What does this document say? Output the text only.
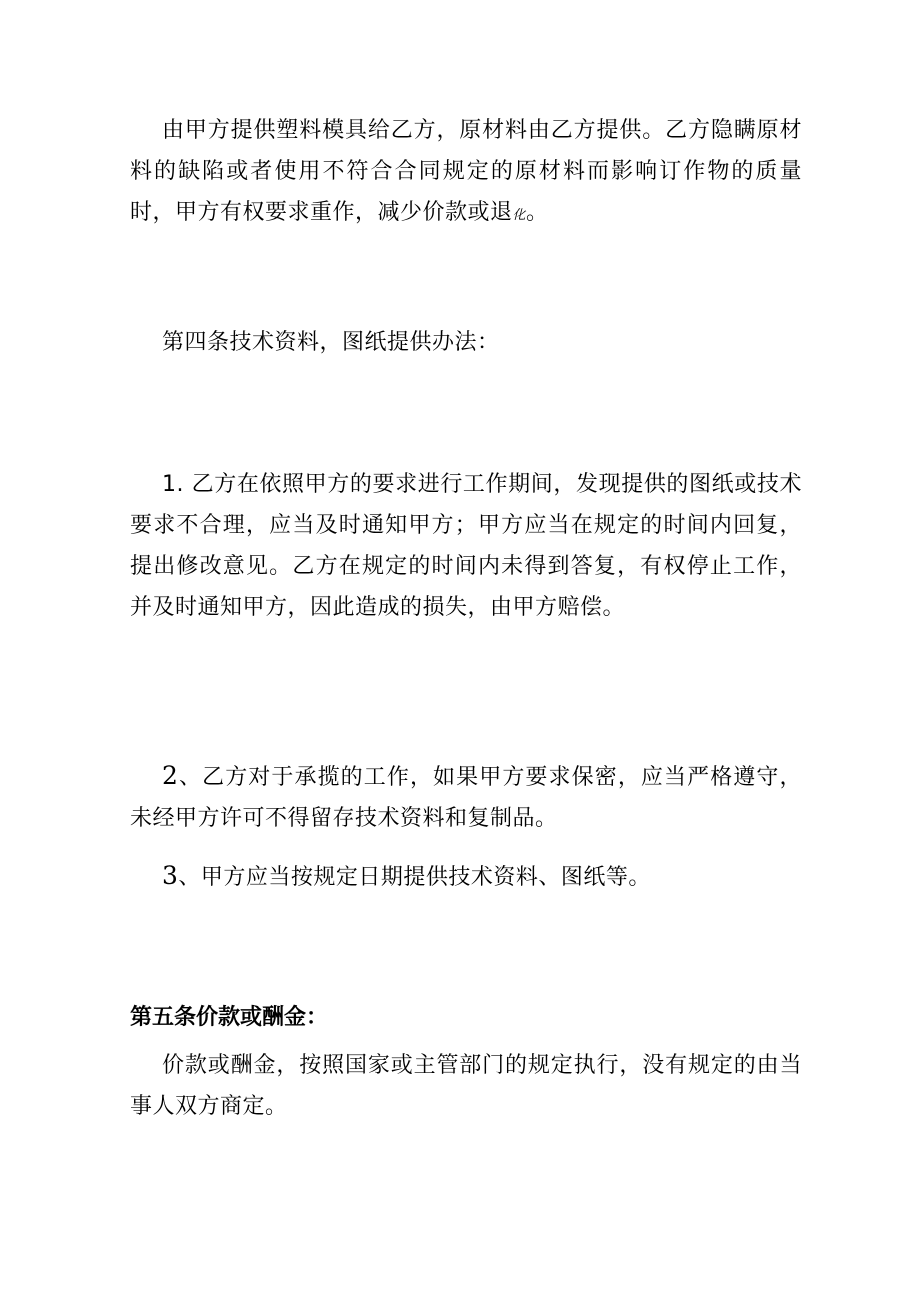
由甲方提供塑料模具给乙方，原材料由乙方提供。乙方隐瞒原材料的缺陷或者使用不符合合同规定的原材料而影响订作物的质量时，甲方有权要求重作，减少价款或退化。

第四条技术资料，图纸提供办法：

1. 乙方在依照甲方的要求进行工作期间，发现提供的图纸或技术要求不合理，应当及时通知甲方；甲方应当在规定的时间内回复，提出修改意见。乙方在规定的时间内未得到答复，有权停止工作，并及时通知甲方，因此造成的损失，由甲方赔偿。

2、乙方对于承揽的工作，如果甲方要求保密，应当严格遵守，未经甲方许可不得留存技术资料和复制品。

3、甲方应当按规定日期提供技术资料、图纸等。

第五条价款或酬金：

价款或酬金，按照国家或主管部门的规定执行，没有规定的由当事人双方商定。
